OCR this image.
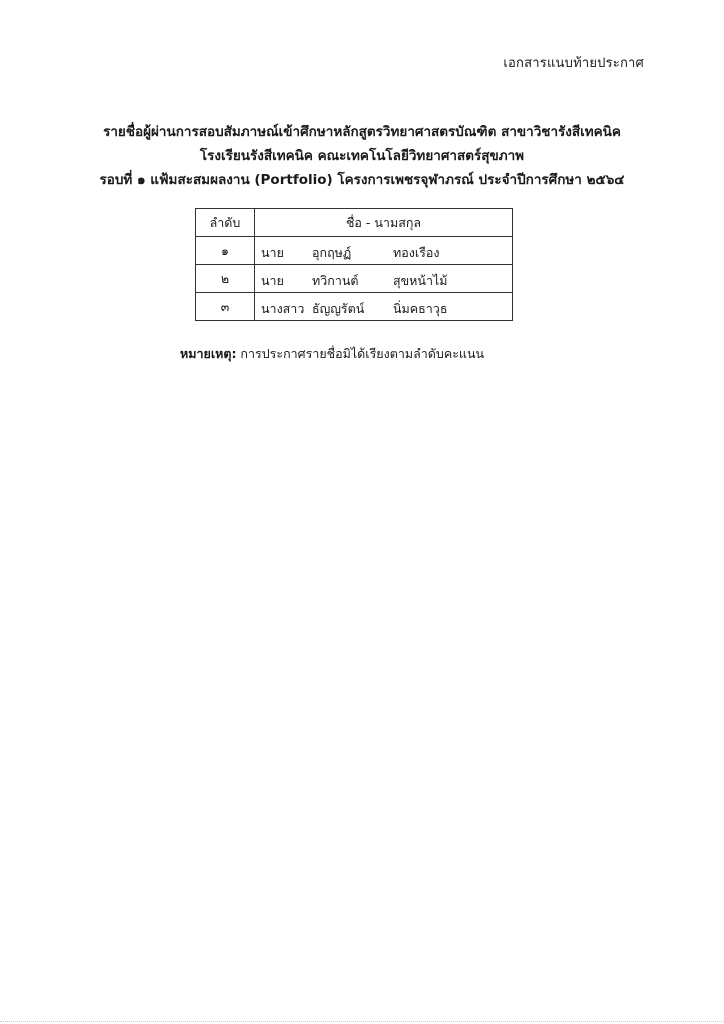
เอกสารแนบท้ายประกาศ
รายชื่อผู้ผ่านการสอบสัมภาษณ์เข้าศึกษาหลักสูตรวิทยาศาสตรบัณฑิต สาขาวิชารังสีเทคนิค
โรงเรียนรังสีเทคนิค คณะเทคโนโลยีวิทยาศาสตร์สุขภาพ
รอบที่ ๑ แฟ้มสะสมผลงาน (Portfolio) โครงการเพชรจุฬาภรณ์ ประจำปีการศึกษา ๒๕๖๔
ลำดับ	ชื่อ - นามสกุล
๑	นาย อุกฤษฏ์ ทองเรือง

๒	นาย ทวิกานต์ สุขหน้าไม้

๓	นางสาว ธัญญรัตน์ นิ่มคธาวุธ
หมายเหตุ: การประกาศรายชื่อมิได้เรียงตามลำดับคะแนน
